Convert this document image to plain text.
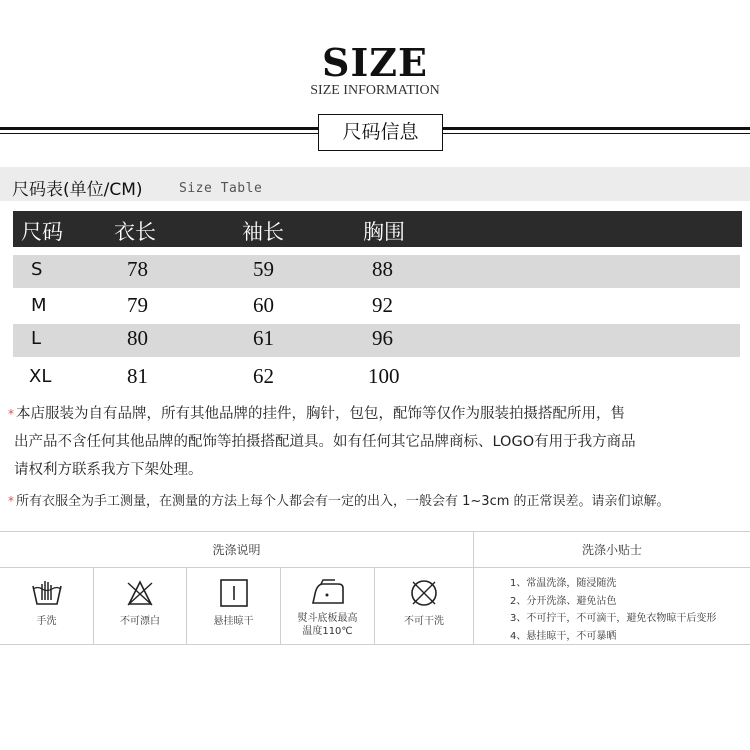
SIZE
SIZE INFORMATION
尺码信息
尺码表(单位/CM)	Size Table
尺码 衣长	袖长	胸围
S	78	59	88
M	79	60	92
L	80	61	96
XL	81	62	100
* 本店服装为自有品牌，所有其他品牌的挂件，胸针，包包，配饰等仅作为服装拍摄搭配所用，售
出产品不含任何其他品牌的配饰等拍摄搭配道具。如有任何其它品牌商标、LOGO有用于我方商品
请权利方联系我方下架处理。
* 所有衣服全为手工测量，在测量的方法上每个人都会有一定的出入，一般会有 1~3cm 的正常误差。请亲们谅解。
洗涤说明	洗涤小贴士
手洗	不可漂白	悬挂晾干	熨斗底板最高
温度110℃
不可干洗
1、常温洗涤，随浸随洗
2、分开洗涤、避免沾色
3、不可拧干，不可滴干，避免衣物晾干后变形
4、悬挂晾干，不可暴晒
